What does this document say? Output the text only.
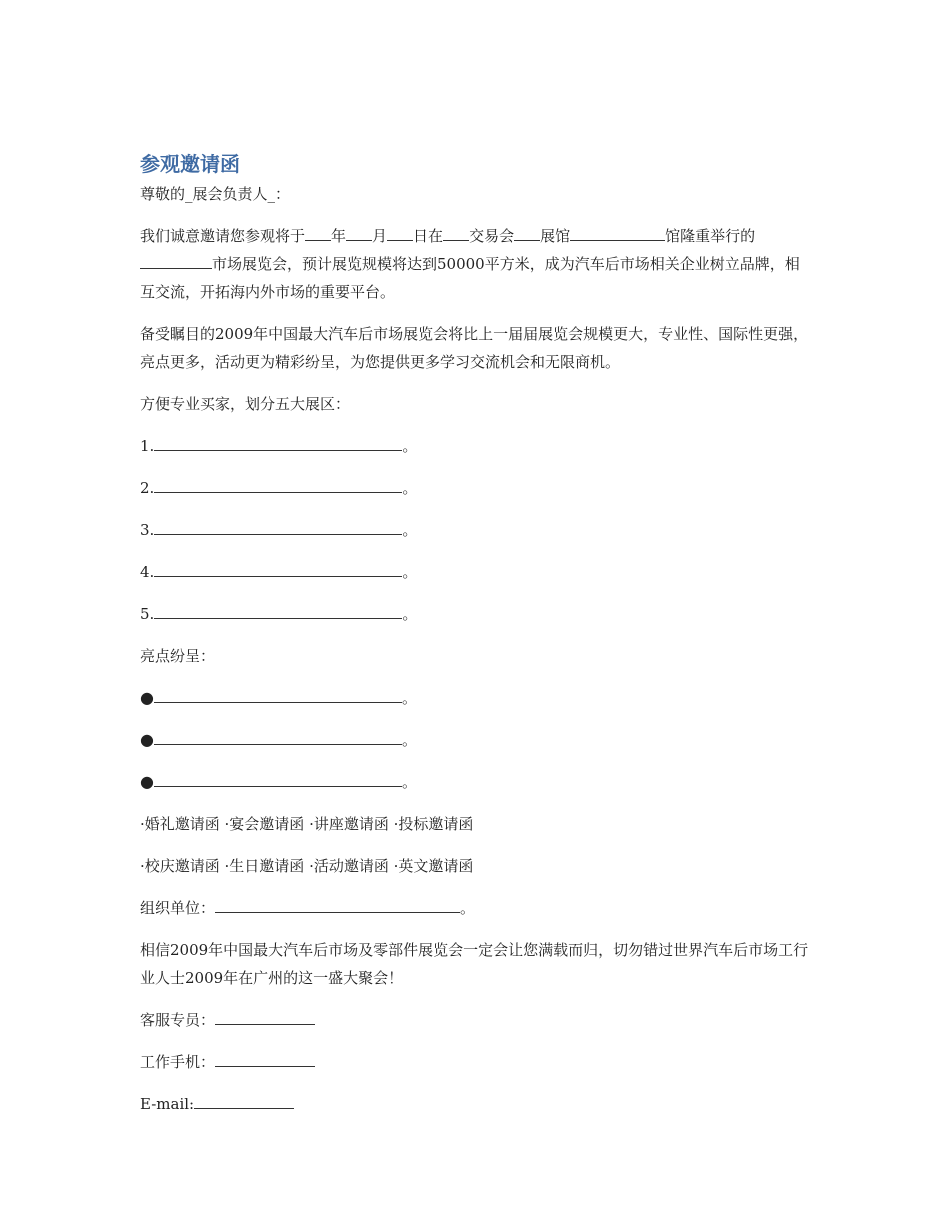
参观邀请函

尊敬的_展会负责人_：

我们诚意邀请您参观将于 年 月 日在 交易会 展馆	馆隆重举行的市场展览会，预计展览规模将达到50000平方米，成为汽车后市场相关企业树立品牌，相互交流，开拓海内外市场的重要平台。

备受瞩目的2009年中国最大汽车后市场展览会将比上一届届展览会规模更大，专业性、国际性更强，亮点更多，活动更为精彩纷呈，为您提供更多学习交流机会和无限商机。

方便专业买家，划分五大展区：

1.	。

2.	。

3.	。

4.	。

5.	。

亮点纷呈：

●	。

●	。

●	。

·婚礼邀请函 ·宴会邀请函 ·讲座邀请函 ·投标邀请函

·校庆邀请函 ·生日邀请函 ·活动邀请函 ·英文邀请函

组织单位：	。

相信2009年中国最大汽车后市场及零部件展览会一定会让您满载而归，切勿错过世界汽车后市场工行业人士2009年在广州的这一盛大聚会！

客服专员：

工作手机：

E-mail:
